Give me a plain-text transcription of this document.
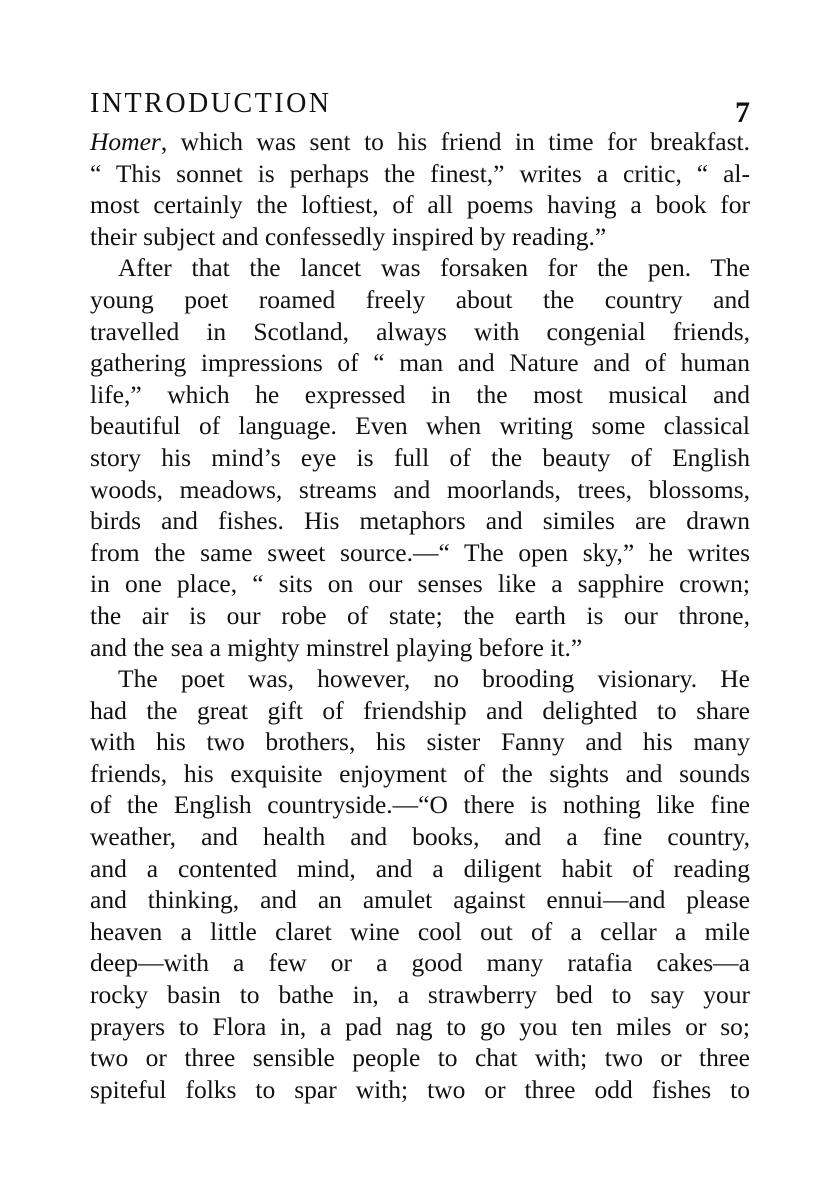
INTRODUCTION	7
Homer, which was sent to his friend in time for breakfast.
“ This sonnet is perhaps the finest,” writes a critic, “ al-
most certainly the loftiest, of all poems having a book for
their subject and confessedly inspired by reading.”
After that the lancet was forsaken for the pen. The
young poet roamed freely about the country and
travelled in Scotland, always with congenial friends,
gathering impressions of “ man and Nature and of human
life,” which he expressed in the most musical and
beautiful of language. Even when writing some classical
story his mind’s eye is full of the beauty of English
woods, meadows, streams and moorlands, trees, blossoms,
birds and fishes. His metaphors and similes are drawn
from the same sweet source.—“ The open sky,” he writes
in one place, “ sits on our senses like a sapphire crown;
the air is our robe of state; the earth is our throne,
and the sea a mighty minstrel playing before it.”
The poet was, however, no brooding visionary. He
had the great gift of friendship and delighted to share
with his two brothers, his sister Fanny and his many
friends, his exquisite enjoyment of the sights and sounds
of the English countryside.—“O there is nothing like fine
weather, and health and books, and a fine country,
and a contented mind, and a diligent habit of reading
and thinking, and an amulet against ennui—and please
heaven a little claret wine cool out of a cellar a mile
deep—with a few or a good many ratafia cakes—a
rocky basin to bathe in, a strawberry bed to say your
prayers to Flora in, a pad nag to go you ten miles or so;
two or three sensible people to chat with; two or three
spiteful folks to spar with; two or three odd fishes to
